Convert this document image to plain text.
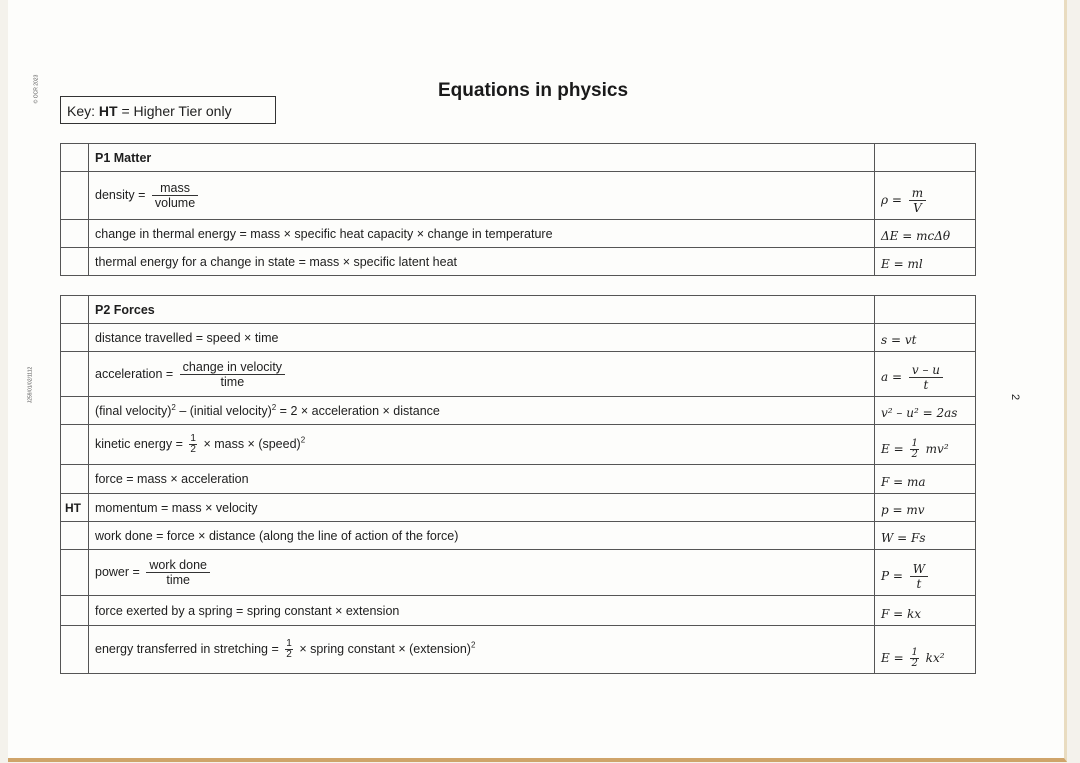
© OCR 2023
J259/01/02/1112	2
Equations in physics
Key: HT = Higher Tier only
	P1 Matter	
	density = $\frac{\text{mass}}{\text{volume}}$	$\rho = \frac{m}{V}$

	change in thermal energy = mass × specific heat capacity × change in temperature	ΔE = mcΔθ
	thermal energy for a change in state = mass × specific latent heat	E = ml
	P2 Forces	
	distance travelled = speed × time	s = vt
	acceleration = $\frac{\text{change in velocity}}{\text{time}}$	$a = \frac{v - u}{t}$

	(final velocity)$^2$ – (initial velocity)$^2$ = 2 × acceleration × distance	v² – u² = 2as
	kinetic energy = $\frac{1}{2}$ × mass × (speed)$^2$	$E = \frac{1}{2} mv^2$
	force = mass × acceleration	F = ma
HT	momentum = mass × velocity	p = mv
	work done = force × distance (along the line of action of the force)	W = Fs
	power = $\frac{\text{work done}}{\text{time}}$	$P = \frac{W}{t}$

	force exerted by a spring = spring constant × extension	F = kx
	energy transferred in stretching = $\frac{1}{2}$ × spring constant × (extension)$^2$	$E = \frac{1}{2} kx^2$
